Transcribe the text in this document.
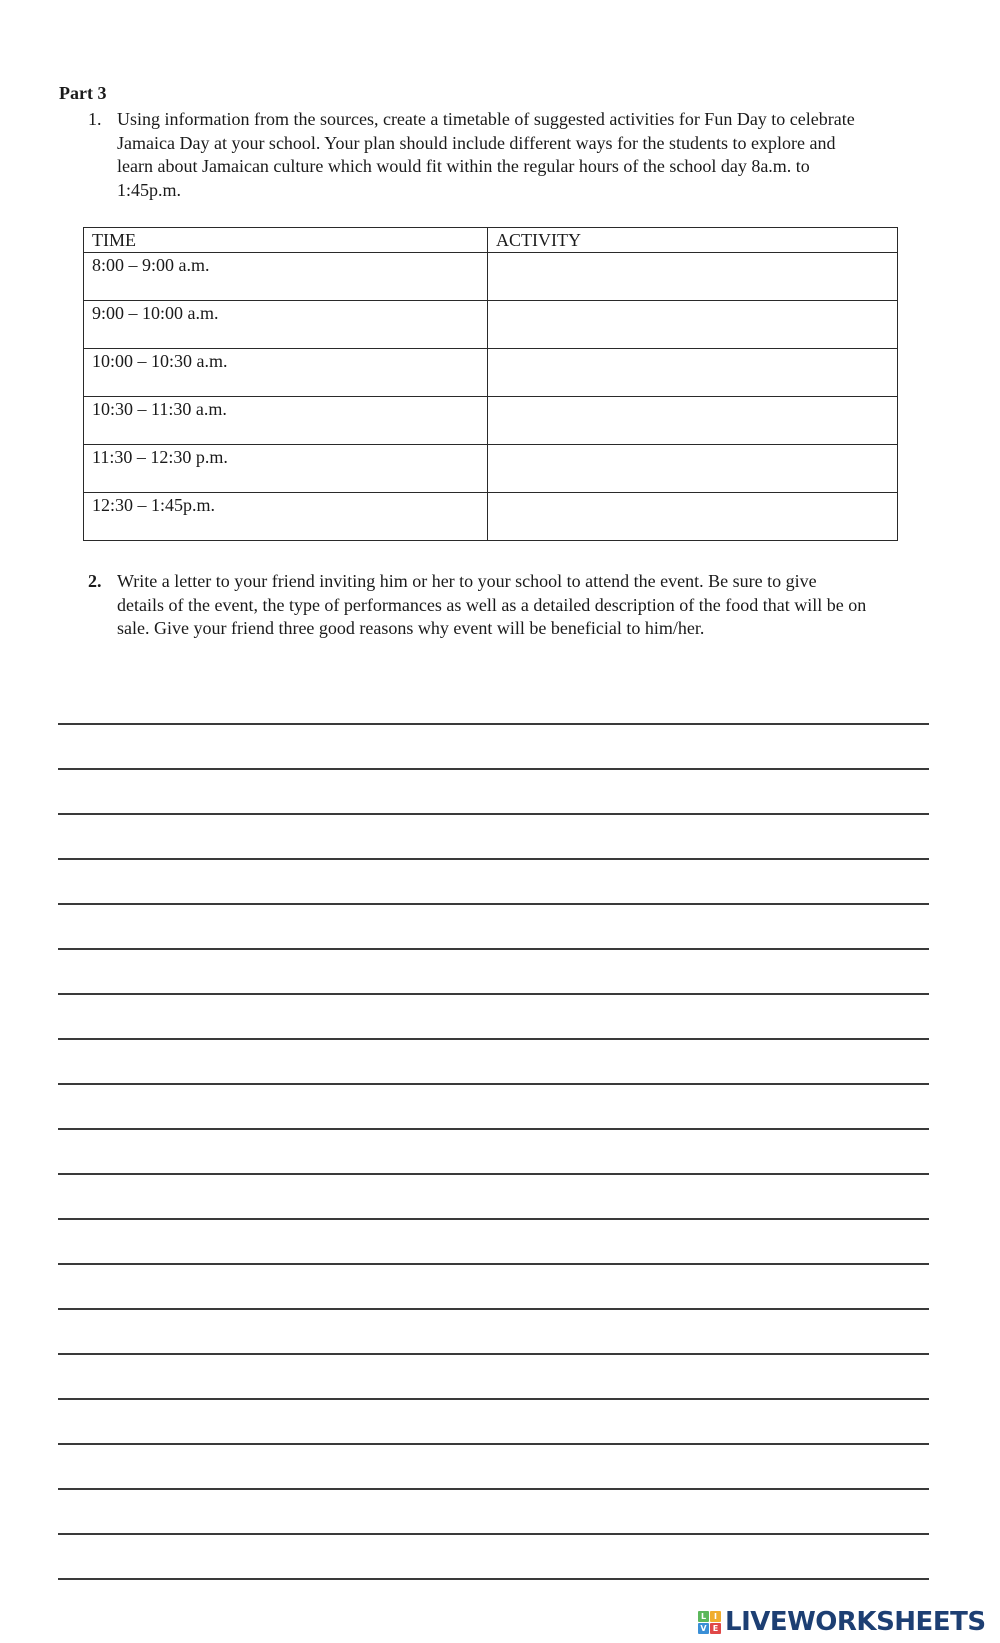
Part 3
1. Using information from the sources, create a timetable of suggested activities for Fun Day to celebrate Jamaica Day at your school. Your plan should include different ways for the students to explore and learn about Jamaican culture which would fit within the regular hours of the school day 8a.m. to 1:45p.m.
TIME	ACTIVITY
8:00 – 9:00 a.m.	
9:00 – 10:00 a.m.	
10:00 – 10:30 a.m.	
10:30 – 11:30 a.m.	
11:30 – 12:30 p.m.	
12:30 – 1:45p.m.	
2. Write a letter to your friend inviting him or her to your school to attend the event. Be sure to give details of the event, the type of performances as well as a detailed description of the food that will be on sale. Give your friend three good reasons why event will be beneficial to him/her.
L I
V E LIVEWORKSHEETS
